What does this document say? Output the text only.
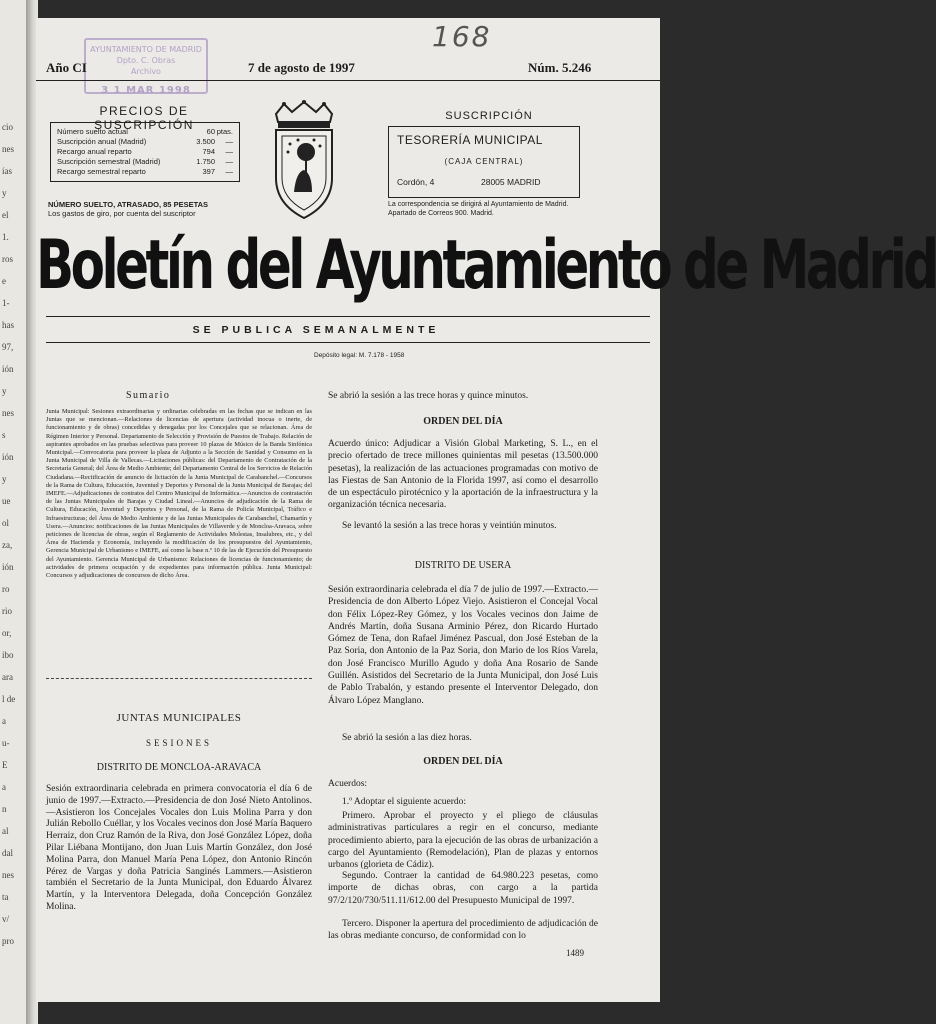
cio
nes
ías
y
el
1.
ros
e
1-
has
97,
ión
y
nes
s
ión
y
ue
ol
za,
ión
ro
rio
or,
ibo
ara
l de
a
u-
E
a
n
al
dal
nes
ta
v/
pro
168
AYUNTAMIENTO DE MADRID
Dpto. C. Obras
Archivo
3 1 MAR 1998
Año CI	7 de agosto de 1997	Núm. 5.246
PRECIOS DE SUSCRIPCIÓN
Número suelto actual	60 ptas.
Suscripción anual (Madrid)	3.500 —
Recargo anual reparto	794 —
Suscripción semestral (Madrid)	1.750 —
Recargo semestral reparto	397 —
NÚMERO SUELTO, ATRASADO, 85 PESETAS
Los gastos de giro, por cuenta del suscriptor
SUSCRIPCIÓN
TESORERÍA MUNICIPAL
(CAJA CENTRAL)
Cordón, 4	28005 MADRID
La correspondencia se dirigirá al Ayuntamiento de Madrid. Apartado de Correos 900. Madrid.
Boletín del Ayuntamiento de Madrid
SE PUBLICA SEMANALMENTE
Depósito legal: M. 7.178 - 1958
Sumario
Junta Municipal: Sesiones extraordinarias y ordinarias celebradas en las fechas que se indican en las Juntas que se mencionan.—Relaciones de licencias de apertura (actividad inocua o inerte, de funcionamiento y de obras) concedidas y denegadas por los Concejales que se relacionan. Área de Régimen Interior y Personal. Departamento de Selección y Provisión de Puestos de Trabajo. Relación de aspirantes aprobados en las pruebas selectivas para proveer 10 plazas de Músico de la Banda Sinfónica Municipal.—Convocatoria para proveer la plaza de Adjunto a la Sección de Sanidad y Consumo en la Junta Municipal de Villa de Vallecas.—Licitaciones públicas: del Departamento de Contratación de la Secretaría General; del Área de Medio Ambiente; del Departamento Central de los Servicios de Relación Ciudadana.—Rectificación de anuncio de licitación de la Junta Municipal de Carabanchel.—Concursos de la Rama de Cultura, Educación, Juventud y Deportes y Personal de la Junta Municipal de Barajas; del IMEFE.—Adjudicaciones de contratos del Centro Municipal de Informática.—Anuncios de contratación de las Juntas Municipales de Barajas y Ciudad Lineal.—Anuncios de adjudicación de la Rama de Cultura, Educación, Juventud y Deportes y Personal, de la Rama de Policía Municipal, Tráfico e Infraestructuras; del Área de Medio Ambiente y de las Juntas Municipales de Carabanchel, Chamartín y Usera.—Anuncios: notificaciones de las Juntas Municipales de Villaverde y de Moncloa-Aravaca, sobre peticiones de licencias de obras, según el Reglamento de Actividades Molestas, Insalubres, etc., y del Área de Hacienda y Economía, incluyendo la modificación de los presupuestos del Ayuntamiento, Gerencia Municipal de Urbanismo e IMEFE, así como la base n.º 10 de las de Ejecución del Presupuesto del Ayuntamiento. Gerencia Municipal de Urbanismo: Relaciones de licencias de funcionamiento; de actividades de primera ocupación y de expedientes para información pública. Junta Municipal: Concursos y adjudicaciones de concursos de dicho Área.
JUNTAS MUNICIPALES
SESIONES
DISTRITO DE MONCLOA-ARAVACA
Sesión extraordinaria celebrada en primera convocatoria el día 6 de junio de 1997.—Extracto.—Presidencia de don José Nieto Antolinos.—Asistieron los Concejales Vocales don Luis Molina Parra y don Julián Rebollo Cuéllar, y los Vocales vecinos don José María Baquero Herraiz, don Cruz Ramón de la Riva, don José González López, doña Pilar Liébana Montijano, don Juan Luis Martín González, don José Molina Parra, don Manuel María Pena López, don Antonio Rincón Pérez de Vargas y doña Patricia Sanginés Lammers.—Asistieron también el Secretario de la Junta Municipal, don Eduardo Álvarez Martín, y la Interventora Delegada, doña Concepción González Molina.
Se abrió la sesión a las trece horas y quince minutos.
ORDEN DEL DÍA
Acuerdo único: Adjudicar a Visión Global Marketing, S. L., en el precio ofertado de trece millones quinientas mil pesetas (13.500.000 pesetas), la realización de las actuaciones programadas con motivo de las Fiestas de San Antonio de la Florida 1997, así como el desarrollo de un espectáculo pirotécnico y la aportación de la infraestructura y la organización técnica necesaria.
Se levantó la sesión a las trece horas y veintiún minutos.
DISTRITO DE USERA
Sesión extraordinaria celebrada el día 7 de julio de 1997.—Extracto.—Presidencia de don Alberto López Viejo. Asistieron el Concejal Vocal don Félix López-Rey Gómez, y los Vocales vecinos don Jaime de Andrés Martín, doña Susana Arminio Pérez, don Ricardo Hurtado Gómez de Tena, don Rafael Jiménez Pascual, don José Esteban de la Paz Soria, don Antonio de la Paz Soria, don Mario de los Ríos Varela, don José Francisco Murillo Agudo y doña Ana Rosario de Sande Guillén. Asistidos del Secretario de la Junta Municipal, don José Luis de Pablo Trabalón, y estando presente el Interventor Delegado, don Álvaro López Manglano.
Se abrió la sesión a las diez horas.
ORDEN DEL DÍA
Acuerdos:
1.º Adoptar el siguiente acuerdo:
Primero. Aprobar el proyecto y el pliego de cláusulas administrativas particulares a regir en el concurso, mediante procedimiento abierto, para la ejecución de las obras de urbanización a cargo del Ayuntamiento (Remodelación), Plan de plazas y entornos urbanos (glorieta de Cádiz).
Segundo. Contraer la cantidad de 64.980.223 pesetas, como importe de dichas obras, con cargo a la partida 97/2/120/730/511.11/612.00 del Presupuesto Municipal de 1997.
Tercero. Disponer la apertura del procedimiento de adjudicación de las obras mediante concurso, de conformidad con lo
1489
